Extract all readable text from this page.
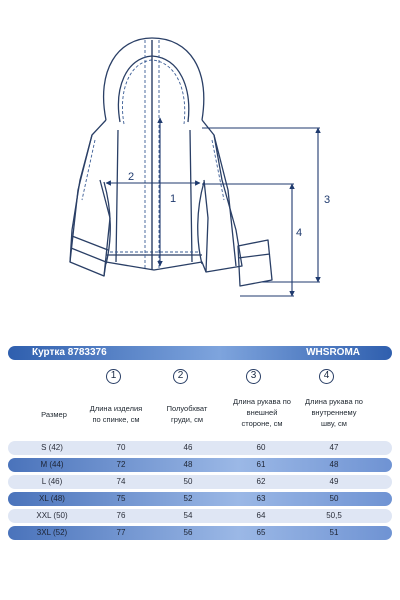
1
2
3
4
Куртка 8783376	WHSROMA
1	2	3	4
Размер
Длина изделия
по спинке, см
Полуобхват
груди, см
Длина рукава по
внешней
стороне, см
Длина рукава по
внутреннему
шву, см
S (42)	70	46	60	47
M (44)	72	48	61	48
L (46)	74	50	62	49
XL (48)	75	52	63	50
XXL (50)	76	54	64	50,5
3XL (52)	77	56	65	51
